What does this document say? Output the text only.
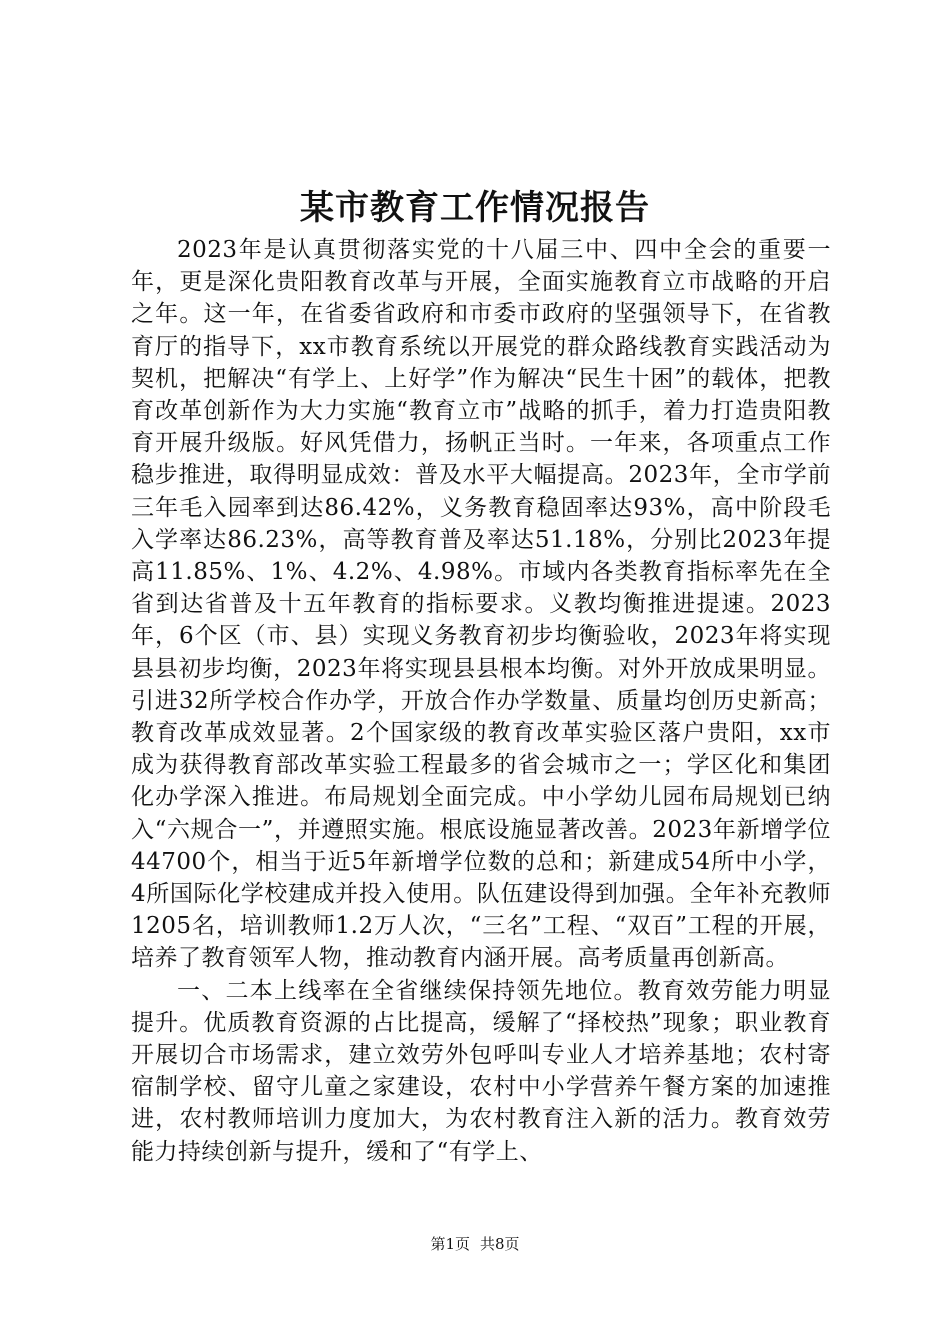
某市教育工作情况报告

2023年是认真贯彻落实党的十八届三中、四中全会的重要一年，更是深化贵阳教育改革与开展，全面实施教育立市战略的开启之年。这一年，在省委省政府和市委市政府的坚强领导下，在省教育厅的指导下，xx市教育系统以开展党的群众路线教育实践活动为契机，把解决“有学上、上好学”作为解决“民生十困”的载体，把教育改革创新作为大力实施“教育立市”战略的抓手，着力打造贵阳教育开展升级版。好风凭借力，扬帆正当时。一年来，各项重点工作稳步推进，取得明显成效：普及水平大幅提高。2023年，全市学前三年毛入园率到达86.42%，义务教育稳固率达93%，高中阶段毛入学率达86.23%，高等教育普及率达51.18%，分别比2023年提高11.85%、1%、4.2%、4.98%。市域内各类教育指标率先在全省到达省普及十五年教育的指标要求。义教均衡推进提速。2023年，6个区（市、县）实现义务教育初步均衡验收，2023年将实现县县初步均衡，2023年将实现县县根本均衡。对外开放成果明显。引进32所学校合作办学，开放合作办学数量、质量均创历史新高；教育改革成效显著。2个国家级的教育改革实验区落户贵阳，xx市成为获得教育部改革实验工程最多的省会城市之一；学区化和集团化办学深入推进。布局规划全面完成。中小学幼儿园布局规划已纳入“六规合一”，并遵照实施。根底设施显著改善。2023年新增学位44700个，相当于近5年新增学位数的总和；新建成54所中小学，4所国际化学校建成并投入使用。队伍建设得到加强。全年补充教师1205名，培训教师1.2万人次，“三名”工程、“双百”工程的开展，培养了教育领军人物，推动教育内涵开展。高考质量再创新高。

一、二本上线率在全省继续保持领先地位。教育效劳能力明显提升。优质教育资源的占比提高，缓解了“择校热”现象；职业教育开展切合市场需求，建立效劳外包呼叫专业人才培养基地；农村寄宿制学校、留守儿童之家建设，农村中小学营养午餐方案的加速推进，农村教师培训力度加大，为农村教育注入新的活力。教育效劳能力持续创新与提升，缓和了“有学上、

第1页 共8页
